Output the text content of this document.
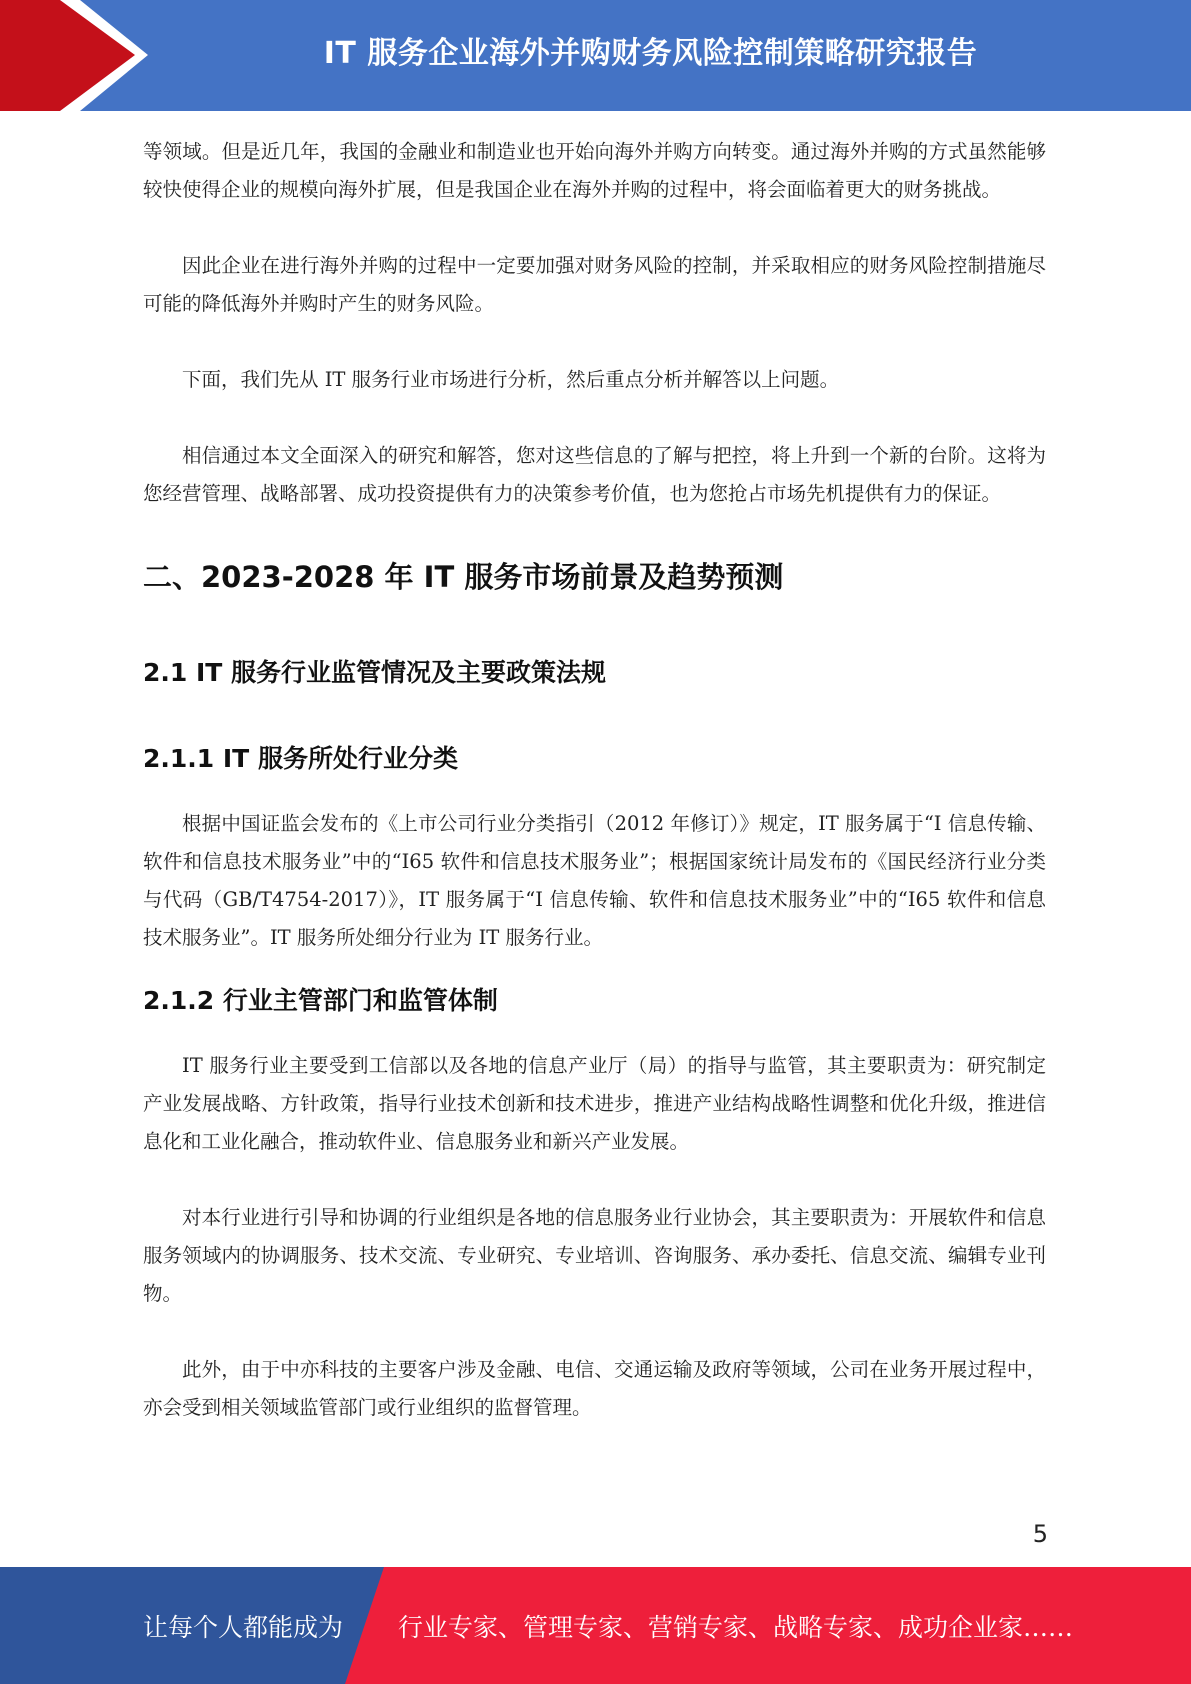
IT 服务企业海外并购财务风险控制策略研究报告

等领域。但是近几年，我国的金融业和制造业也开始向海外并购方向转变。通过海外并购的方式虽然能够较快使得企业的规模向海外扩展，但是我国企业在海外并购的过程中，将会面临着更大的财务挑战。

因此企业在进行海外并购的过程中一定要加强对财务风险的控制，并采取相应的财务风险控制措施尽可能的降低海外并购时产生的财务风险。

下面，我们先从 IT 服务行业市场进行分析，然后重点分析并解答以上问题。

相信通过本文全面深入的研究和解答，您对这些信息的了解与把控，将上升到一个新的台阶。这将为您经营管理、战略部署、成功投资提供有力的决策参考价值，也为您抢占市场先机提供有力的保证。

二、2023-2028 年 IT 服务市场前景及趋势预测
2.1 IT 服务行业监管情况及主要政策法规
2.1.1 IT 服务所处行业分类

根据中国证监会发布的《上市公司行业分类指引（2012 年修订）》规定，IT 服务属于“I 信息传输、软件和信息技术服务业”中的“I65 软件和信息技术服务业”；根据国家统计局发布的《国民经济行业分类与代码（GB/T4754-2017）》，IT 服务属于“I 信息传输、软件和信息技术服务业”中的“I65 软件和信息技术服务业”。IT 服务所处细分行业为 IT 服务行业。

2.1.2 行业主管部门和监管体制

IT 服务行业主要受到工信部以及各地的信息产业厅（局）的指导与监管，其主要职责为：研究制定产业发展战略、方针政策，指导行业技术创新和技术进步，推进产业结构战略性调整和优化升级，推进信息化和工业化融合，推动软件业、信息服务业和新兴产业发展。

对本行业进行引导和协调的行业组织是各地的信息服务业行业协会，其主要职责为：开展软件和信息服务领域内的协调服务、技术交流、专业研究、专业培训、咨询服务、承办委托、信息交流、编辑专业刊物。

此外，由于中亦科技的主要客户涉及金融、电信、交通运输及政府等领域，公司在业务开展过程中，亦会受到相关领域监管部门或行业组织的监督管理。

5
让每个人都能成为 行业专家、管理专家、营销专家、战略专家、成功企业家……
